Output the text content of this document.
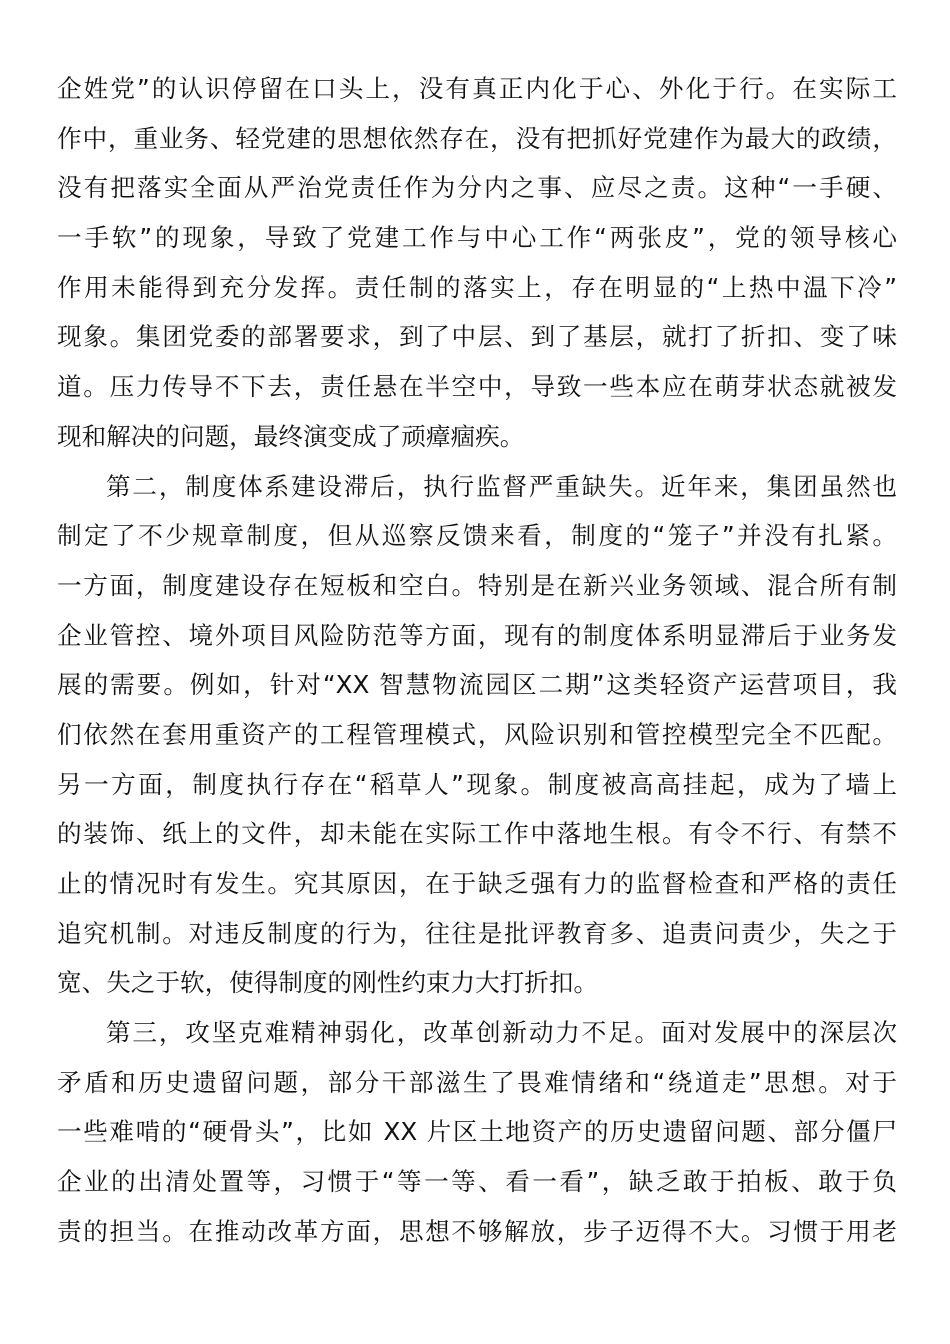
企姓党”的认识停留在口头上，没有真正内化于心、外化于行。在实际工
作中，重业务、轻党建的思想依然存在，没有把抓好党建作为最大的政绩，
没有把落实全面从严治党责任作为分内之事、应尽之责。这种“一手硬、
一手软”的现象，导致了党建工作与中心工作“两张皮”，党的领导核心
作用未能得到充分发挥。责任制的落实上，存在明显的“上热中温下冷”
现象。集团党委的部署要求，到了中层、到了基层，就打了折扣、变了味
道。压力传导不下去，责任悬在半空中，导致一些本应在萌芽状态就被发
现和解决的问题，最终演变成了顽瘴痼疾。
第二，制度体系建设滞后，执行监督严重缺失。近年来，集团虽然也
制定了不少规章制度，但从巡察反馈来看，制度的“笼子”并没有扎紧。
一方面，制度建设存在短板和空白。特别是在新兴业务领域、混合所有制
企业管控、境外项目风险防范等方面，现有的制度体系明显滞后于业务发
展的需要。例如，针对“XX 智慧物流园区二期”这类轻资产运营项目，我
们依然在套用重资产的工程管理模式，风险识别和管控模型完全不匹配。
另一方面，制度执行存在“稻草人”现象。制度被高高挂起，成为了墙上
的装饰、纸上的文件，却未能在实际工作中落地生根。有令不行、有禁不
止的情况时有发生。究其原因，在于缺乏强有力的监督检查和严格的责任
追究机制。对违反制度的行为，往往是批评教育多、追责问责少，失之于
宽、失之于软，使得制度的刚性约束力大打折扣。
第三，攻坚克难精神弱化，改革创新动力不足。面对发展中的深层次
矛盾和历史遗留问题，部分干部滋生了畏难情绪和“绕道走”思想。对于
一些难啃的“硬骨头”，比如 XX 片区土地资产的历史遗留问题、部分僵尸
企业的出清处置等，习惯于“等一等、看一看”，缺乏敢于拍板、敢于负
责的担当。在推动改革方面，思想不够解放，步子迈得不大。习惯于用老
